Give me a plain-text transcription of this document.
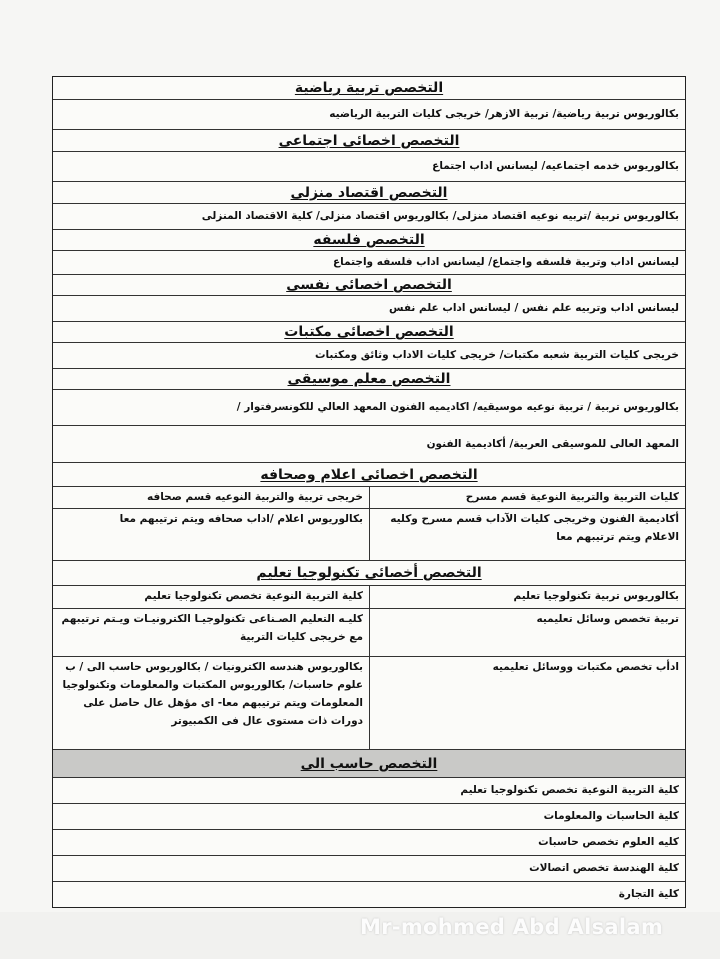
التخصص تربية رياضية
بكالوريوس تربية رياضية/ تربية الازهر/ خريجى كليات التربية الرياضيه
التخصص اخصائى اجتماعى
بكالوريوس خدمه اجتماعيه/ ليسانس اداب اجتماع
التخصص اقتصاد منزلى
بكالوريوس تربية /تربيه نوعيه اقتصاد منزلى/ بكالوريوس اقتصاد منزلى/ كلية الاقتصاد المنزلى
التخصص فلسفه
ليسانس اداب وتربية فلسفه واجتماع/ ليسانس اداب فلسفه واجتماع
التخصص اخصائى نفسى
ليسانس اداب وتربيه علم نفس / ليسانس اداب علم نفس
التخصص اخصائى مكتبات
خريجى كليات التربية شعبه مكتبات/ خريجى كليات الاداب وثائق ومكتبات
التخصص معلم موسيقى
بكالوريوس تربية / تربية نوعيه موسيقيه/ اكاديميه الفنون المعهد العالي للكونسرفتوار /
المعهد العالى للموسيقى العربية/ أكاديمية الفنون
التخصص اخصائى اعلام وصحافه
كليات التربية والتربية النوعية قسم مسرح
خريجى تربية والتربية النوعيه قسم صحافه
أكاديمية الفنون وخريجى كليات الآداب قسم مسرح وكليه الاعلام ويتم ترتيبهم معا
بكالوريوس اعلام /اداب صحافه ويتم ترتيبهم معا
التخصص أخصائى تكنولوجيا تعليم
بكالوريوس تربية تكنولوجيا تعليم
كلية التربية النوعية تخصص تكنولوجيا تعليم
تربية تخصص وسائل تعليميه
كليـه التعليم الصـناعى تكنولوجيـا الكترونيـات ويـتم ترتيبهم مع خريجى كليات التربية
ادأب تخصص مكتبات ووسائل تعليميه
بكالوريوس هندسه الكترونيات / بكالوريوس حاسب الى / ب علوم حاسبات/ بكالوريوس المكتبات والمعلومات وتكنولوجيا المعلومات ويتم ترتيبهم معا- اى مؤهل عال حاصل على دورات ذات مستوى عال فى الكمبيوتر
التخصص حاسب الى
كلية التربية النوعية تخصص تكنولوجيا تعليم
كلية الحاسبات والمعلومات
كليه العلوم تخصص حاسبات
كلية الهندسة تخصص اتصالات
كلية التجارة
Mr-mohmed Abd Alsalam
